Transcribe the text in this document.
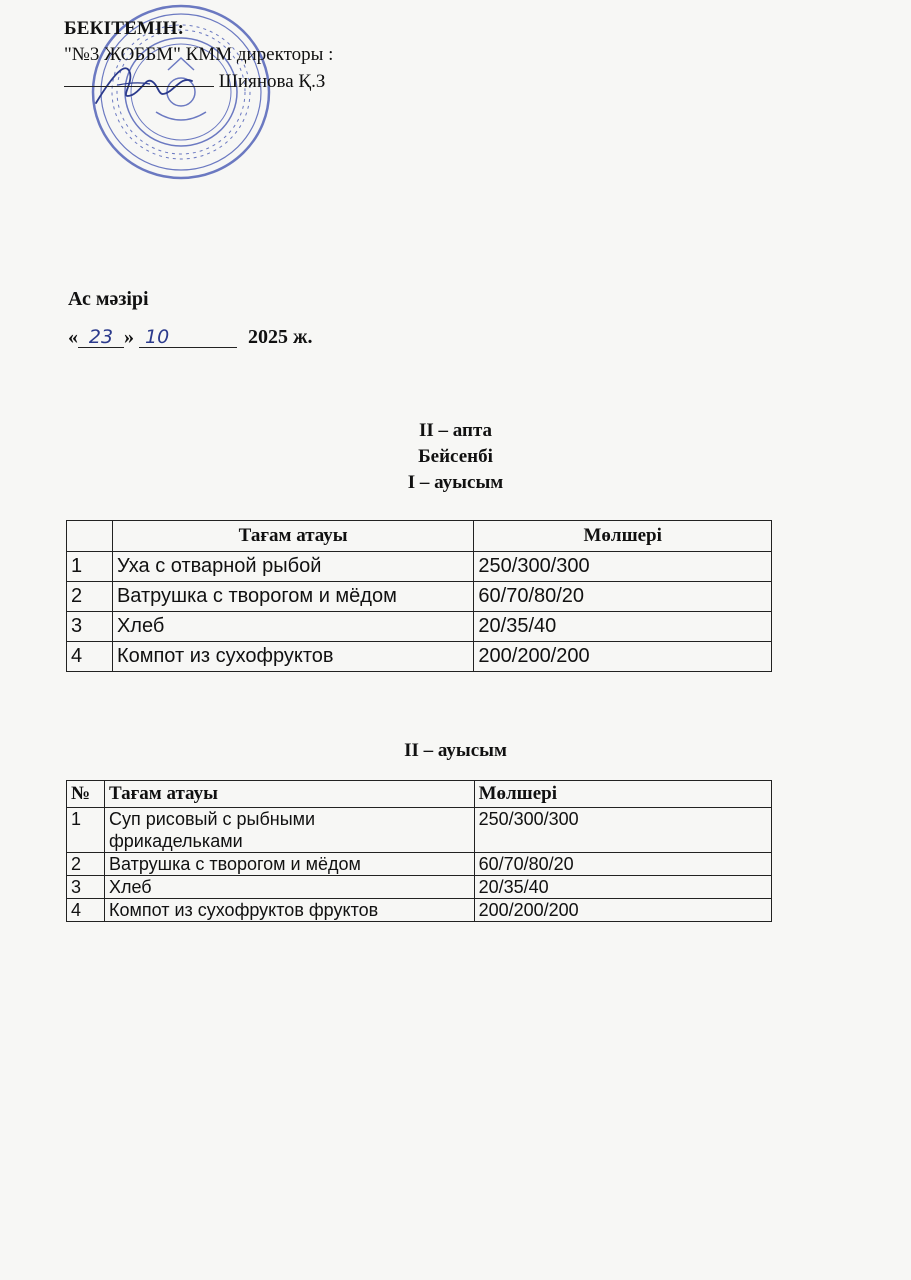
БЕКІТЕМІН:
"№3 ЖОББМ" КММ директоры :
Шиянова Қ.З
Ас мәзірі
« 23 » 10	2025 ж.
II – апта
Бейсенбі
I – ауысым
	Тағам атауы	Мөлшері
1	Уха с отварной рыбой	250/300/300
2	Ватрушка с творогом и мёдом	60/70/80/20
3	Хлеб	20/35/40
4	Компот из сухофруктов	200/200/200
II – ауысым
№	Тағам атауы	Мөлшері
1	Суп рисовый с рыбными фрикадельками	250/300/300
2	Ватрушка с творогом и мёдом	60/70/80/20
3	Хлеб	20/35/40
4	Компот из сухофруктов фруктов	200/200/200
